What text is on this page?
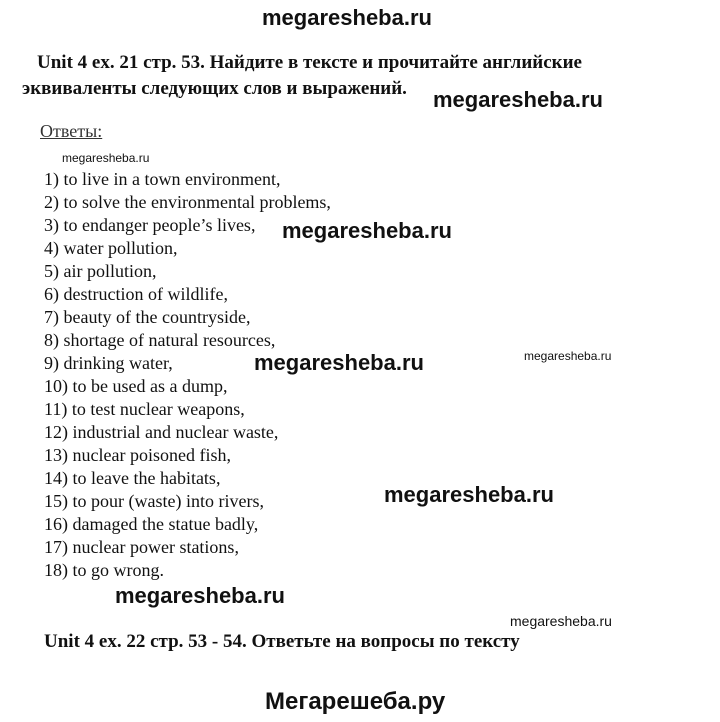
megaresheba.ru
Unit 4 ex. 21 стр. 53. Найдите в тексте и прочитайте английские
эквиваленты следующих слов и выражений. megaresheba.ru
Ответы:
megaresheba.ru
1) to live in a town environment,
2) to solve the environmental problems,
3) to endanger people’s lives,
4) water pollution,
5) air pollution,
6) destruction of wildlife,
7) beauty of the countryside,
8) shortage of natural resources,
9) drinking water,
10) to be used as a dump,
11) to test nuclear weapons,
12) industrial and nuclear waste,
13) nuclear poisoned fish,
14) to leave the habitats,
15) to pour (waste) into rivers,
16) damaged the statue badly,
17) nuclear power stations,
18) to go wrong.
megaresheba.ru
megaresheba.ru	megaresheba.ru
megaresheba.ru
megaresheba.ru
megaresheba.ru
Unit 4 ex. 22 стр. 53 - 54. Ответьте на вопросы по тексту
Мегарешеба.ру
